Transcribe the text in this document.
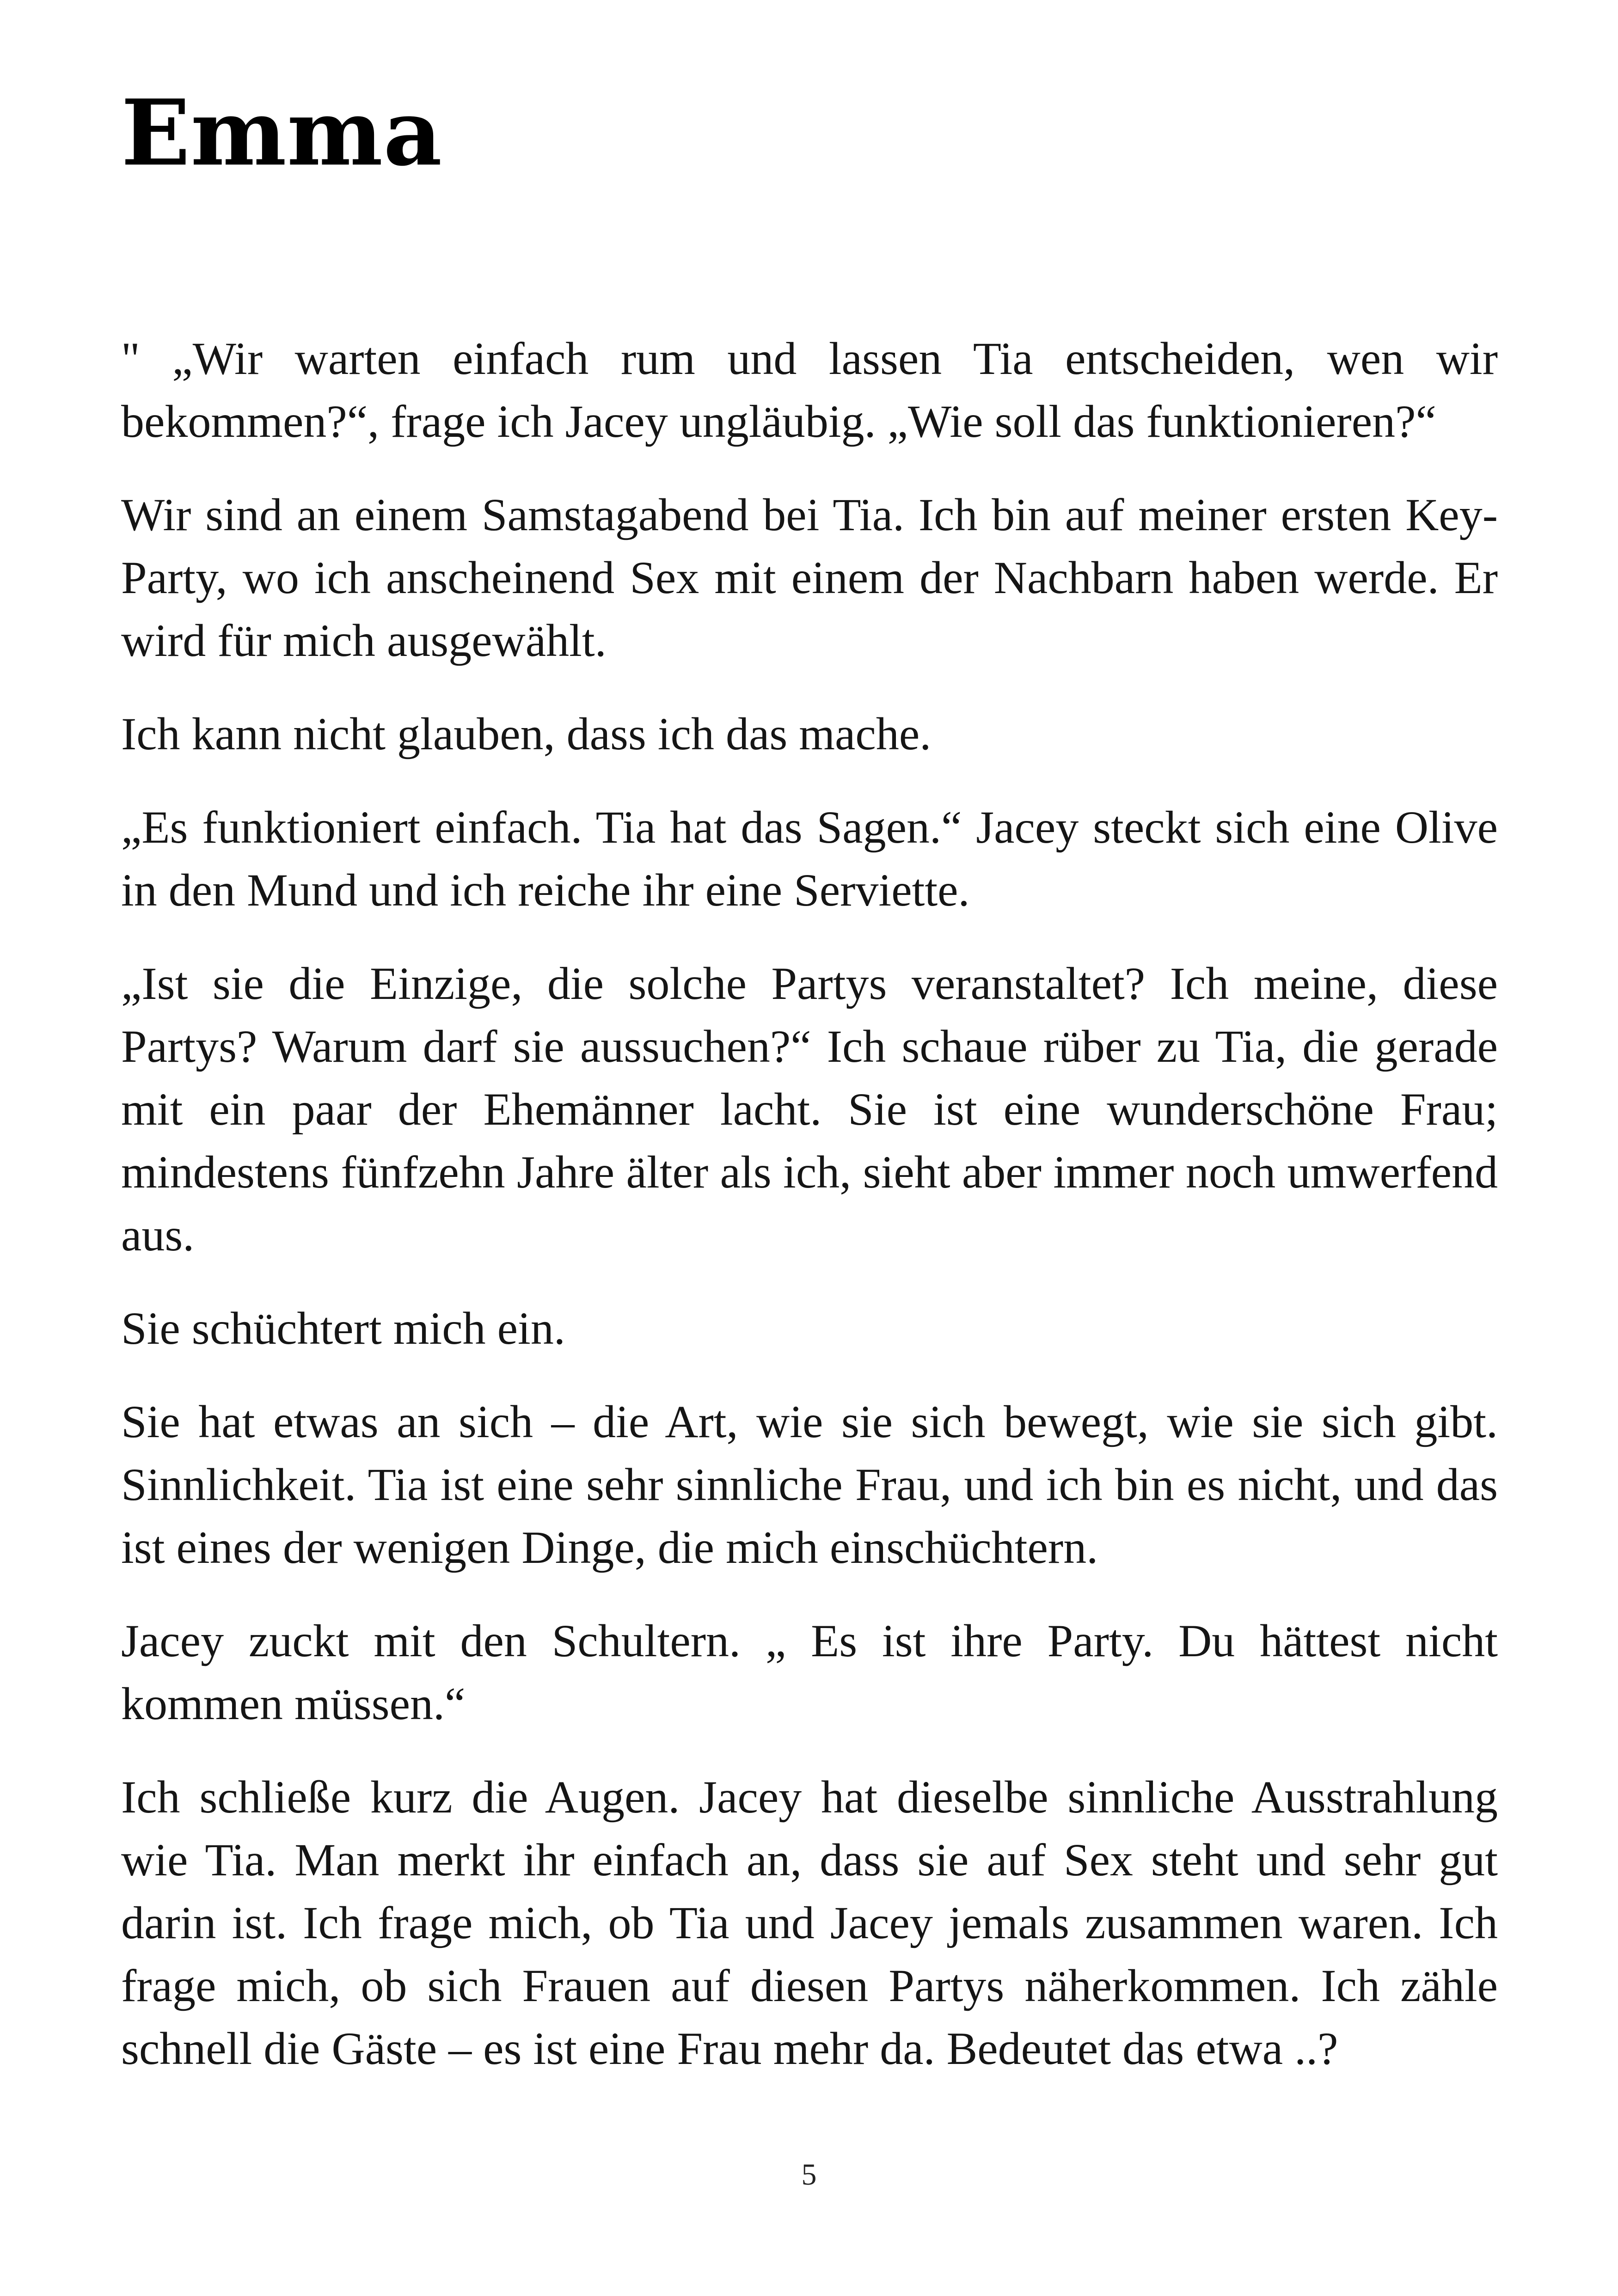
Emma

" „Wir warten einfach rum und lassen Tia entscheiden, wen wir bekommen?“, frage ich Jacey ungläubig. „Wie soll das funktionieren?“

Wir sind an einem Samstagabend bei Tia. Ich bin auf meiner ersten Key-Party, wo ich anscheinend Sex mit einem der Nachbarn haben werde. Er wird für mich ausgewählt.

Ich kann nicht glauben, dass ich das mache.

„Es funktioniert einfach. Tia hat das Sagen.“ Jacey steckt sich eine Olive in den Mund und ich reiche ihr eine Serviette.

„Ist sie die Einzige, die solche Partys veranstaltet? Ich meine, diese Partys? Warum darf sie aussuchen?“ Ich schaue rüber zu Tia, die gerade mit ein paar der Ehemänner lacht. Sie ist eine wunderschöne Frau; mindestens fünfzehn Jahre älter als ich, sieht aber immer noch umwerfend aus.

Sie schüchtert mich ein.

Sie hat etwas an sich – die Art, wie sie sich bewegt, wie sie sich gibt. Sinnlichkeit. Tia ist eine sehr sinnliche Frau, und ich bin es nicht, und das ist eines der wenigen Dinge, die mich einschüchtern.

Jacey zuckt mit den Schultern. „ Es ist ihre Party. Du hättest nicht kommen müssen.“

Ich schließe kurz die Augen. Jacey hat dieselbe sinnliche Ausstrahlung wie Tia. Man merkt ihr einfach an, dass sie auf Sex steht und sehr gut darin ist. Ich frage mich, ob Tia und Jacey jemals zusammen waren. Ich frage mich, ob sich Frauen auf diesen Partys näherkommen. Ich zähle schnell die Gäste – es ist eine Frau mehr da. Bedeutet das etwa ..?

5
